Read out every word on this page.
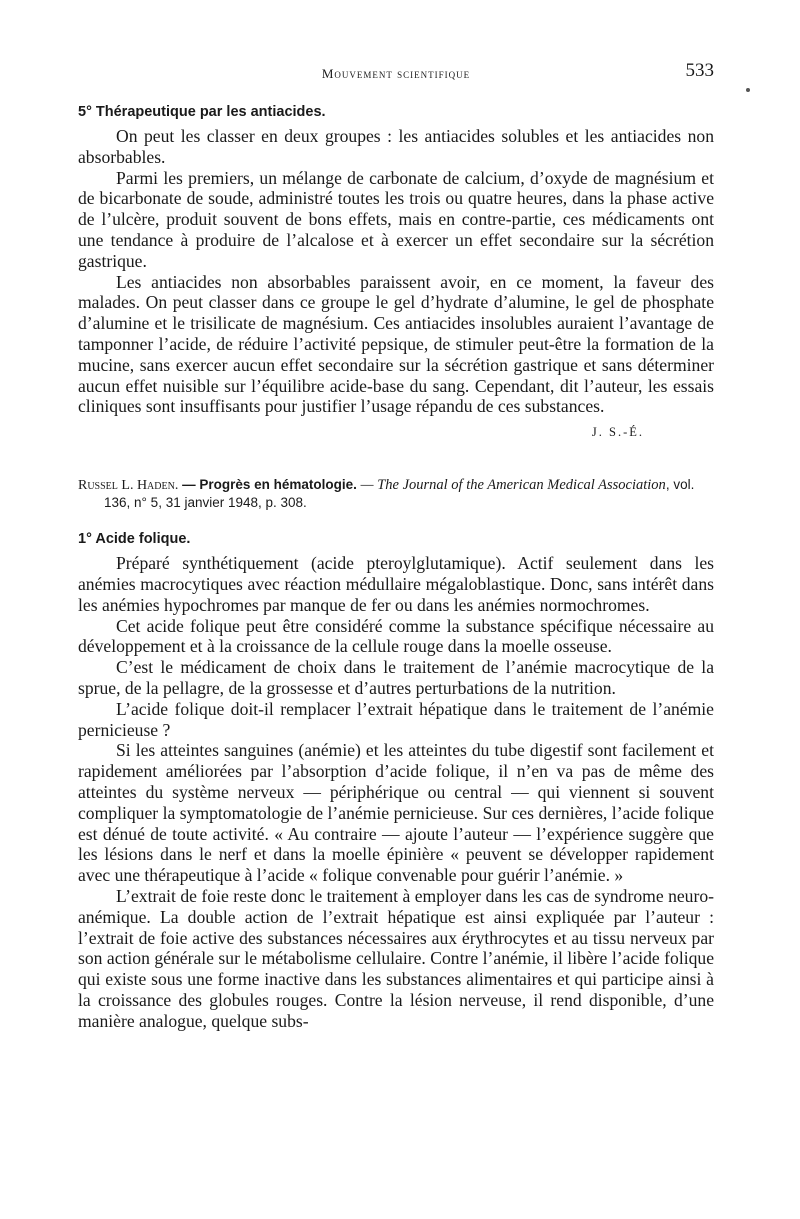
Mouvement scientifique	533
5° Thérapeutique par les antiacides.

On peut les classer en deux groupes : les antiacides solubles et les antiacides non absorbables.

Parmi les premiers, un mélange de carbonate de calcium, d’oxyde de magnésium et de bicarbonate de soude, administré toutes les trois ou quatre heures, dans la phase active de l’ulcère, produit souvent de bons effets, mais en contre-partie, ces médicaments ont une tendance à produire de l’alcalose et à exercer un effet secondaire sur la sécrétion gastrique.

Les antiacides non absorbables paraissent avoir, en ce moment, la faveur des malades. On peut classer dans ce groupe le gel d’hydrate d’alumine, le gel de phosphate d’alumine et le trisilicate de magnésium. Ces antiacides insolubles auraient l’avantage de tamponner l’acide, de réduire l’activité pepsique, de stimuler peut-être la formation de la mucine, sans exercer aucun effet secondaire sur la sécrétion gastrique et sans déterminer aucun effet nuisible sur l’équilibre acide-base du sang. Cependant, dit l’auteur, les essais cliniques sont insuffisants pour justifier l’usage répandu de ces substances.

J. S.-É.
Russel L. Haden. — Progrès en hématologie. — The Journal of the American Medical Association, vol. 136, n° 5, 31 janvier 1948, p. 308.
1° Acide folique.

Préparé synthétiquement (acide pteroylglutamique). Actif seulement dans les anémies macrocytiques avec réaction médullaire mégaloblastique. Donc, sans intérêt dans les anémies hypochromes par manque de fer ou dans les anémies normochromes.

Cet acide folique peut être considéré comme la substance spécifique nécessaire au développement et à la croissance de la cellule rouge dans la moelle osseuse.

C’est le médicament de choix dans le traitement de l’anémie macrocytique de la sprue, de la pellagre, de la grossesse et d’autres perturbations de la nutrition.

L’acide folique doit-il remplacer l’extrait hépatique dans le traitement de l’anémie pernicieuse ?

Si les atteintes sanguines (anémie) et les atteintes du tube digestif sont facilement et rapidement améliorées par l’absorption d’acide folique, il n’en va pas de même des atteintes du système nerveux — périphérique ou central — qui viennent si souvent compliquer la symptomatologie de l’anémie pernicieuse. Sur ces dernières, l’acide folique est dénué de toute activité. « Au contraire — ajoute l’auteur — l’expérience suggère que les lésions dans le nerf et dans la moelle épinière « peuvent se développer rapidement avec une thérapeutique à l’acide « folique convenable pour guérir l’anémie. »

L’extrait de foie reste donc le traitement à employer dans les cas de syndrome neuro-anémique. La double action de l’extrait hépatique est ainsi expliquée par l’auteur : l’extrait de foie active des substances nécessaires aux érythrocytes et au tissu nerveux par son action générale sur le métabolisme cellulaire. Contre l’anémie, il libère l’acide folique qui existe sous une forme inactive dans les substances alimentaires et qui participe ainsi à la croissance des globules rouges. Contre la lésion nerveuse, il rend disponible, d’une manière analogue, quelque subs-
